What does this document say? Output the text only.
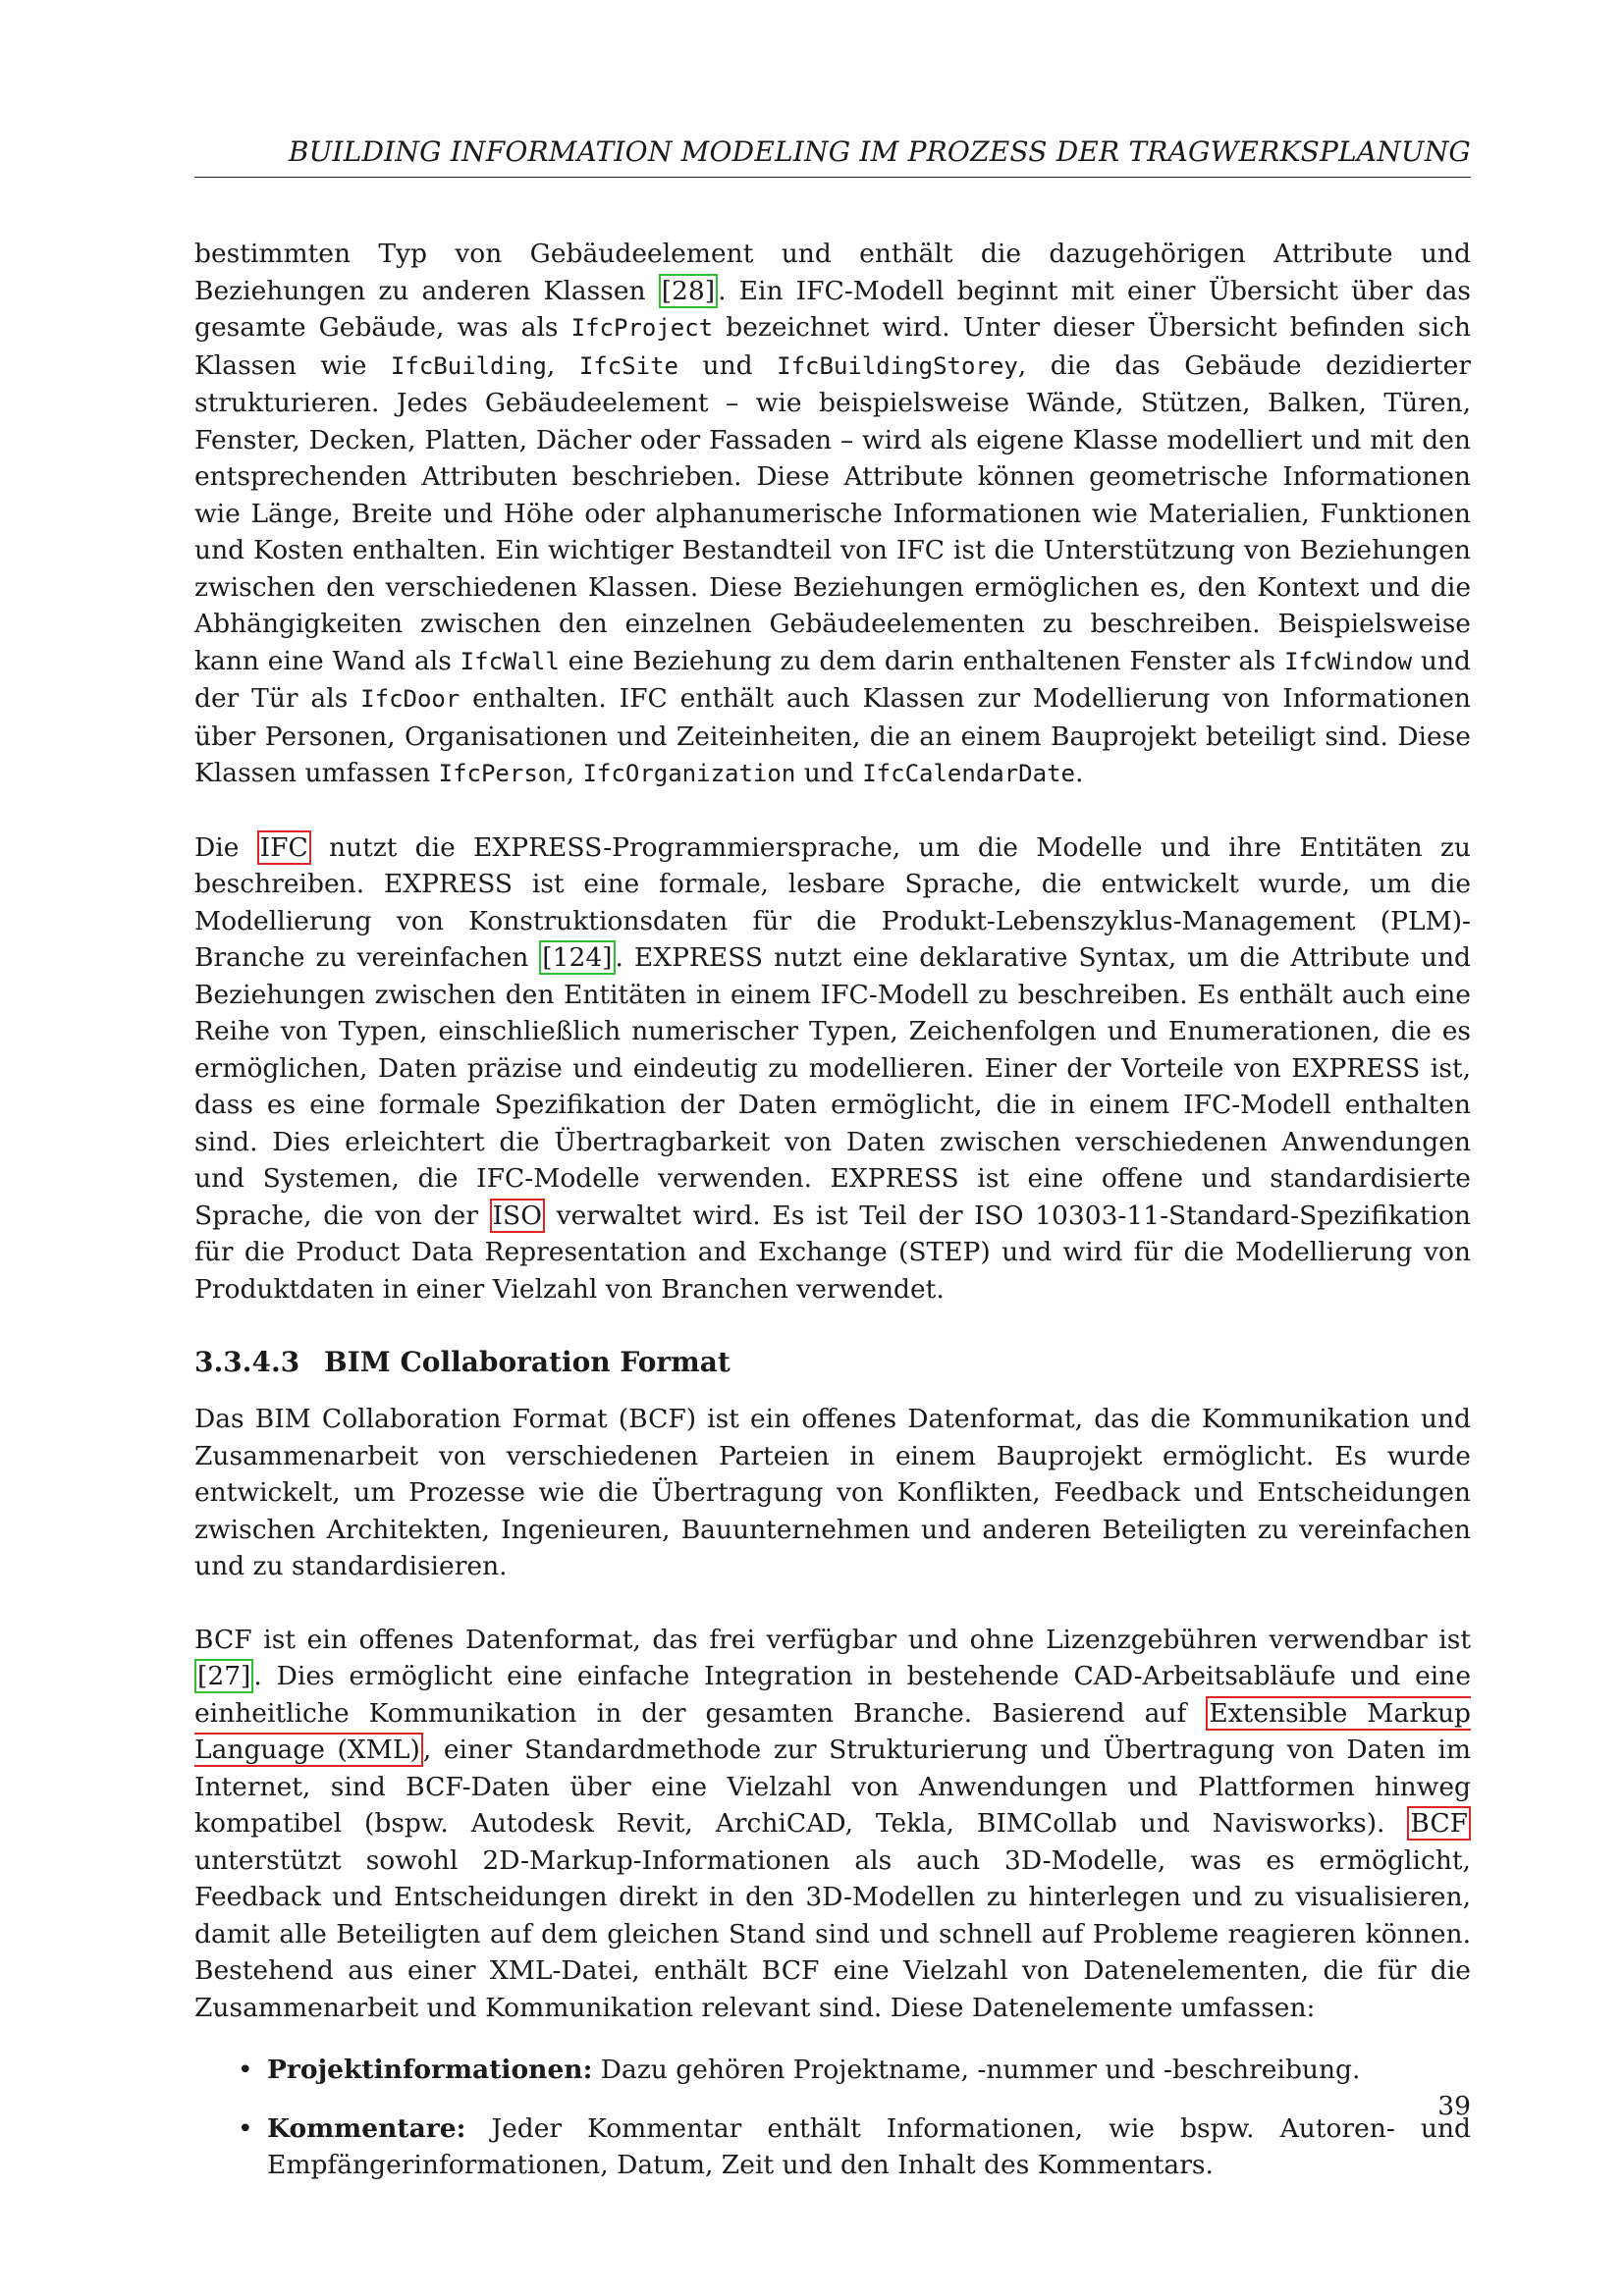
BUILDING INFORMATION MODELING IM PROZESS DER TRAGWERKSPLANUNG

bestimmten Typ von Gebäudeelement und enthält die dazugehörigen Attribute und Beziehungen zu anderen Klassen [28] . Ein IFC-Modell beginnt mit einer Übersicht über das gesamte Gebäude, was als IfcProject bezeichnet wird. Unter dieser Übersicht befinden sich Klassen wie IfcBuilding, IfcSite und IfcBuildingStorey, die das Gebäude dezidierter strukturieren. Jedes Gebäudeelement – wie beispielsweise Wände, Stützen, Balken, Türen, Fenster, Decken, Platten, Dächer oder Fassaden – wird als eigene Klasse modelliert und mit den entsprechenden Attributen beschrieben. Diese Attribute können geometrische Informationen wie Länge, Breite und Höhe oder alphanumerische Informationen wie Materialien, Funktionen und Kosten enthalten. Ein wichtiger Bestandteil von IFC ist die Unterstützung von Beziehungen zwischen den verschiedenen Klassen. Diese Beziehungen ermöglichen es, den Kontext und die Abhängigkeiten zwischen den einzelnen Gebäudeelementen zu beschreiben. Beispielsweise kann eine Wand als IfcWall eine Beziehung zu dem darin enthaltenen Fenster als IfcWindow und der Tür als IfcDoor enthalten. IFC enthält auch Klassen zur Modellierung von Informationen über Personen, Organisationen und Zeiteinheiten, die an einem Bauprojekt beteiligt sind. Diese Klassen umfassen IfcPerson, IfcOrganization und IfcCalendarDate.

Die IFC nutzt die EXPRESS-Programmiersprache, um die Modelle und ihre Entitäten zu beschreiben. EXPRESS ist eine formale, lesbare Sprache, die entwickelt wurde, um die Modellierung von Konstruktionsdaten für die Produkt-Lebenszyklus-Management (PLM)-Branche zu vereinfachen [124] . EXPRESS nutzt eine deklarative Syntax, um die Attribute und Beziehungen zwischen den Entitäten in einem IFC-Modell zu beschreiben. Es enthält auch eine Reihe von Typen, einschließlich numerischer Typen, Zeichenfolgen und Enumerationen, die es ermöglichen, Daten präzise und eindeutig zu modellieren. Einer der Vorteile von EXPRESS ist, dass es eine formale Spezifikation der Daten ermöglicht, die in einem IFC-Modell enthalten sind. Dies erleichtert die Übertragbarkeit von Daten zwischen verschiedenen Anwendungen und Systemen, die IFC-Modelle verwenden. EXPRESS ist eine offene und standardisierte Sprache, die von der ISO verwaltet wird. Es ist Teil der ISO 10303-11-Standard-Spezifikation für die Product Data Representation and Exchange (STEP) und wird für die Modellierung von Produktdaten in einer Vielzahl von Branchen verwendet.

3.3.4.3 BIM Collaboration Format

Das BIM Collaboration Format (BCF) ist ein offenes Datenformat, das die Kommunikation und Zusammenarbeit von verschiedenen Parteien in einem Bauprojekt ermöglicht. Es wurde entwickelt, um Prozesse wie die Übertragung von Konflikten, Feedback und Entscheidungen zwischen Architekten, Ingenieuren, Bauunternehmen und anderen Beteiligten zu vereinfachen und zu standardisieren.

BCF ist ein offenes Datenformat, das frei verfügbar und ohne Lizenzgebühren verwendbar ist [27] . Dies ermöglicht eine einfache Integration in bestehende CAD-Arbeitsabläufe und eine einheitliche Kommunikation in der gesamten Branche. Basierend auf Extensible Markup Language (XML) , einer Standardmethode zur Strukturierung und Übertragung von Daten im Internet, sind BCF-Daten über eine Vielzahl von Anwendungen und Plattformen hinweg kompatibel (bspw. Autodesk Revit, ArchiCAD, Tekla, BIMCollab und Navisworks). BCF unterstützt sowohl 2D-Markup-Informationen als auch 3D-Modelle, was es ermöglicht, Feedback und Entscheidungen direkt in den 3D-Modellen zu hinterlegen und zu visualisieren, damit alle Beteiligten auf dem gleichen Stand sind und schnell auf Probleme reagieren können. Bestehend aus einer XML-Datei, enthält BCF eine Vielzahl von Datenelementen, die für die Zusammenarbeit und Kommunikation relevant sind. Diese Datenelemente umfassen:

• Projektinformationen: Dazu gehören Projektname, -nummer und -beschreibung.
• Kommentare: Jeder Kommentar enthält Informationen, wie bspw. Autoren- und Empfängerinformationen, Datum, Zeit und den Inhalt des Kommentars.
39
